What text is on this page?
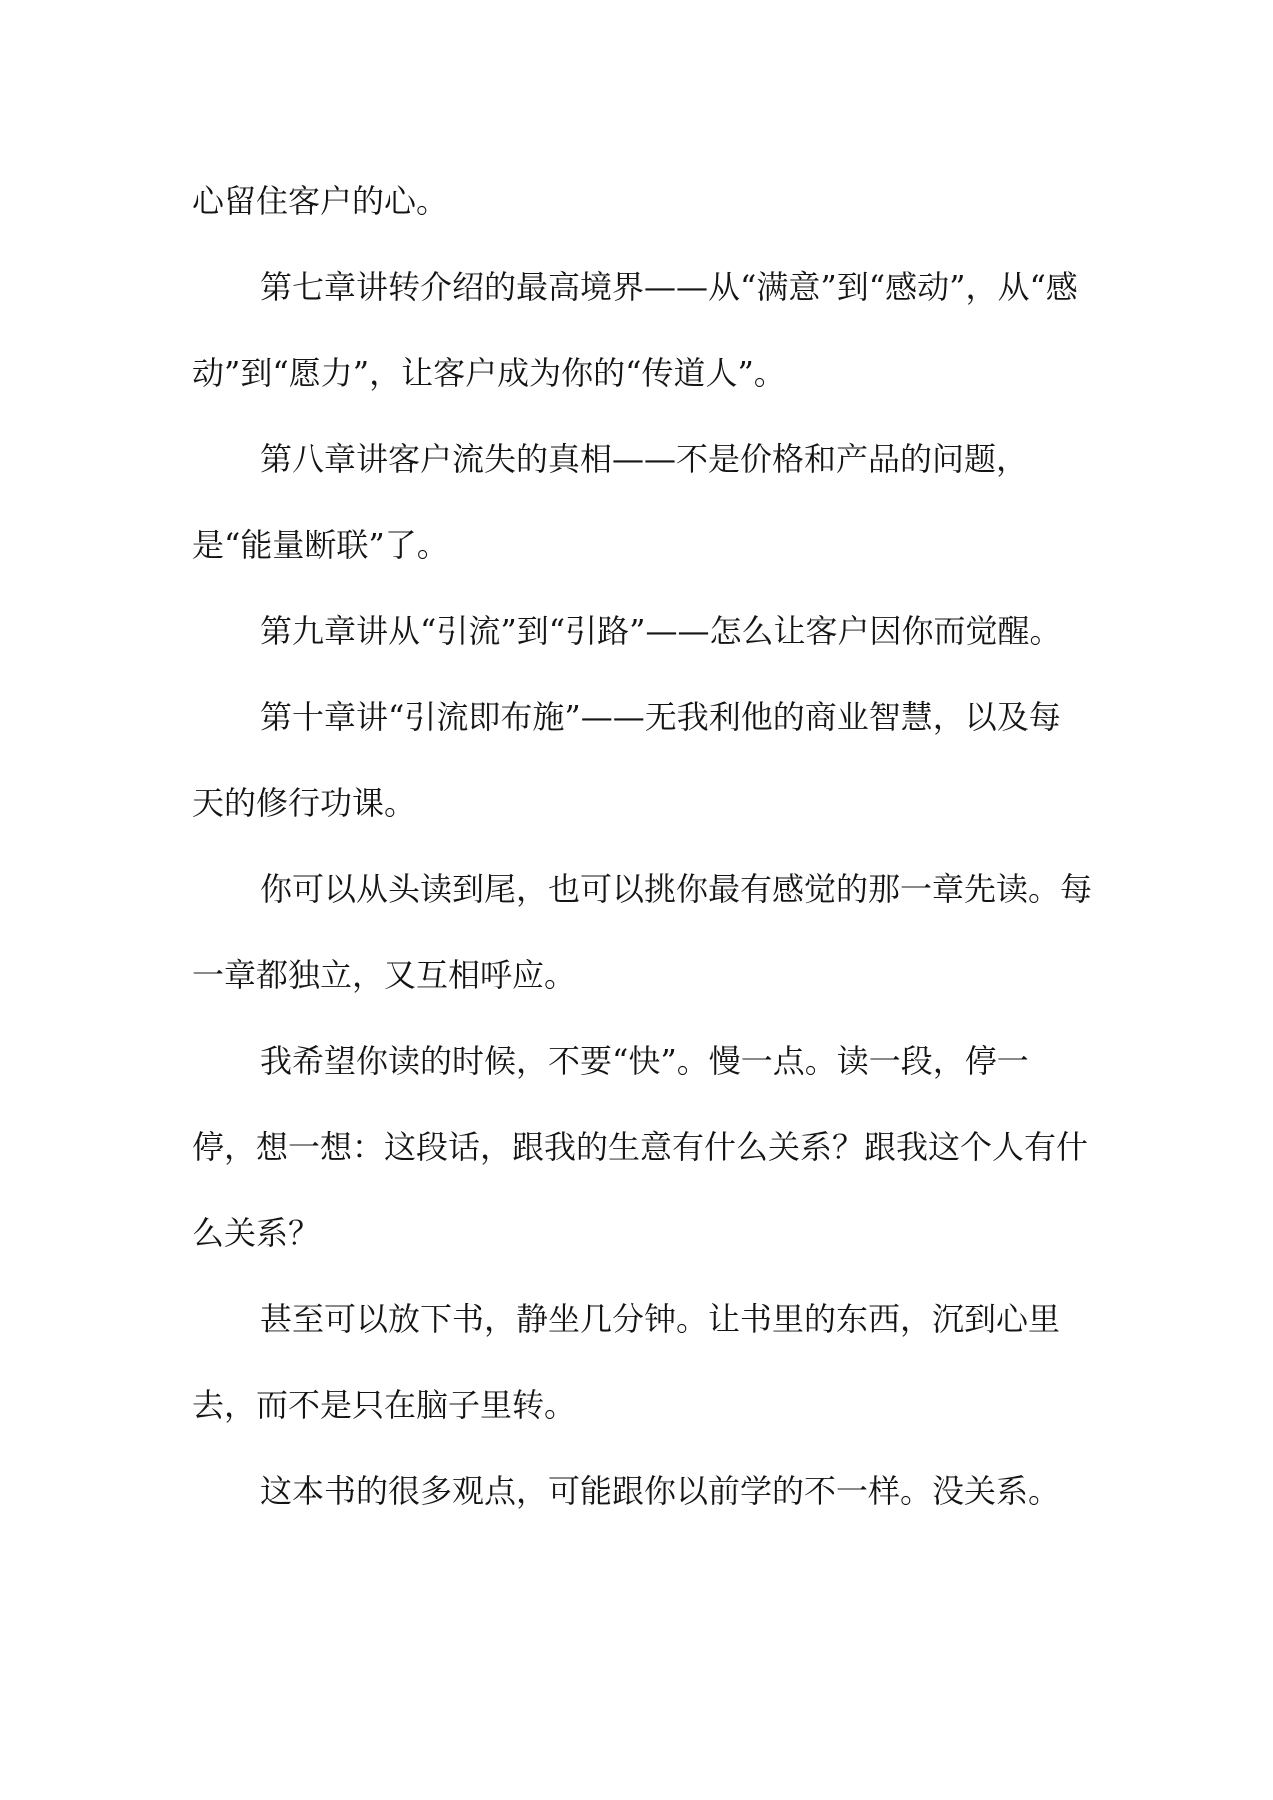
心留住客户的心。

第七章讲转介绍的最高境界——从“满意”到“感动”，从“感动”到“愿力”，让客户成为你的“传道人”。

第八章讲客户流失的真相——不是价格和产品的问题，是“能量断联”了。

第九章讲从“引流”到“引路”——怎么让客户因你而觉醒。

第十章讲“引流即布施”——无我利他的商业智慧，以及每天的修行功课。

你可以从头读到尾，也可以挑你最有感觉的那一章先读。每一章都独立，又互相呼应。

我希望你读的时候，不要“快”。慢一点。读一段，停一停，想一想：这段话，跟我的生意有什么关系？跟我这个人有什么关系？

甚至可以放下书，静坐几分钟。让书里的东西，沉到心里去，而不是只在脑子里转。

这本书的很多观点，可能跟你以前学的不一样。没关系。
